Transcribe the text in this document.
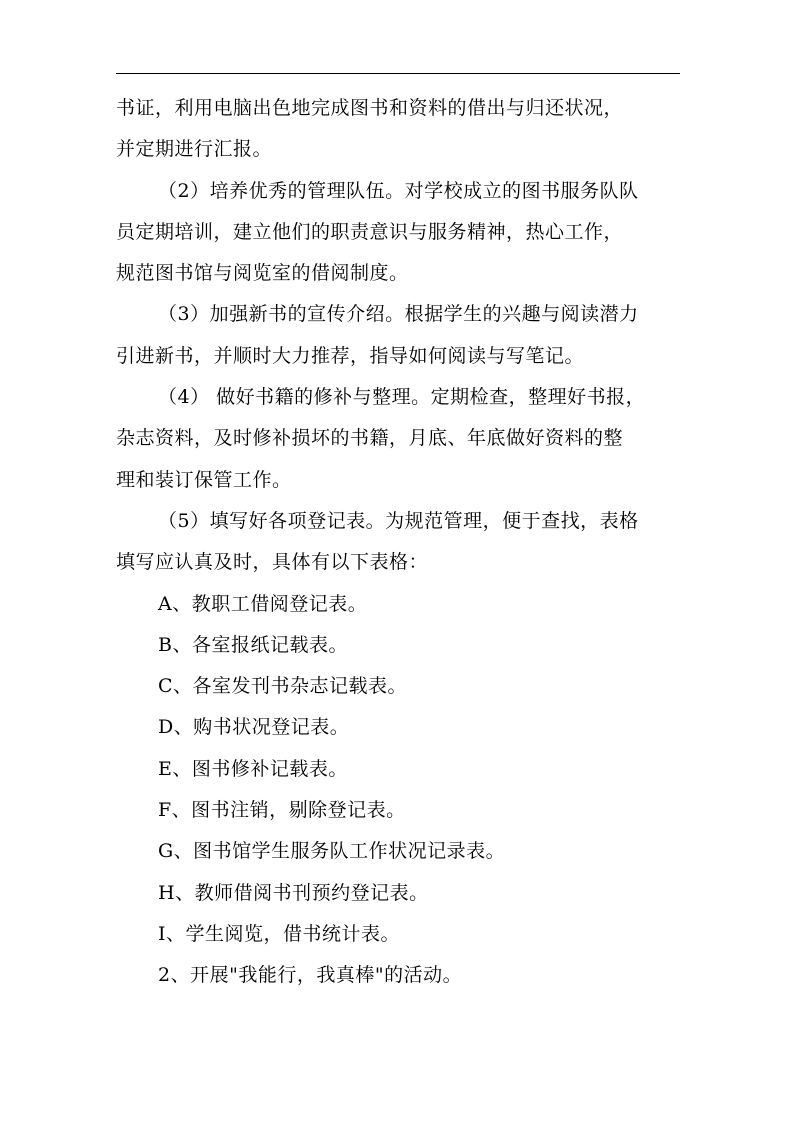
书证，利用电脑出色地完成图书和资料的借出与归还状况，
并定期进行汇报。
（2）培养优秀的管理队伍。对学校成立的图书服务队队
员定期培训，建立他们的职责意识与服务精神，热心工作，
规范图书馆与阅览室的借阅制度。
（3）加强新书的宣传介绍。根据学生的兴趣与阅读潜力
引进新书，并顺时大力推荐，指导如何阅读与写笔记。
（4） 做好书籍的修补与整理。定期检查，整理好书报，
杂志资料，及时修补损坏的书籍，月底、年底做好资料的整
理和装订保管工作。
（5）填写好各项登记表。为规范管理，便于查找，表格
填写应认真及时，具体有以下表格：
A、教职工借阅登记表。
B、各室报纸记载表。
C、各室发刊书杂志记载表。
D、购书状况登记表。
E、图书修补记载表。
F、图书注销，剔除登记表。
G、图书馆学生服务队工作状况记录表。
H、教师借阅书刊预约登记表。
I、学生阅览，借书统计表。
2、开展"我能行，我真棒"的活动。
